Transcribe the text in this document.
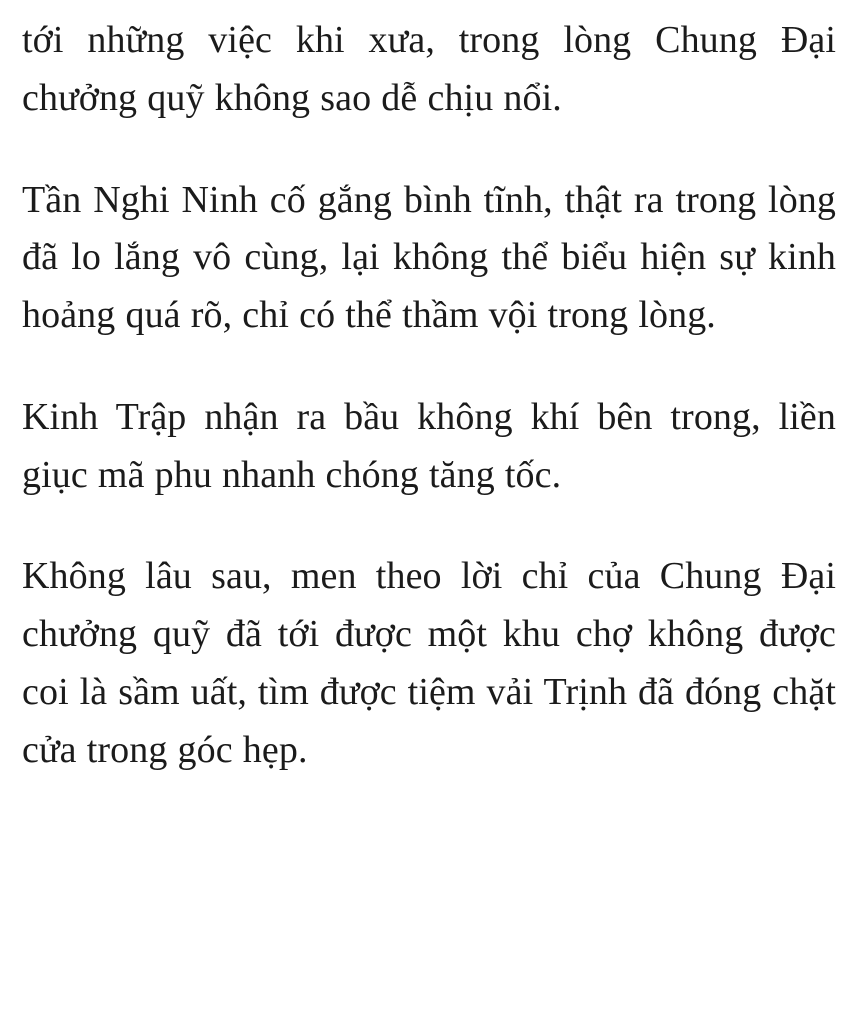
tới những việc khi xưa, trong lòng Chung Đại chưởng quỹ không sao dễ chịu nổi.

Tần Nghi Ninh cố gắng bình tĩnh, thật ra trong lòng đã lo lắng vô cùng, lại không thể biểu hiện sự kinh hoảng quá rõ, chỉ có thể thầm vội trong lòng.

Kinh Trập nhận ra bầu không khí bên trong, liền giục mã phu nhanh chóng tăng tốc.

Không lâu sau, men theo lời chỉ của Chung Đại chưởng quỹ đã tới được một khu chợ không được coi là sầm uất, tìm được tiệm vải Trịnh đã đóng chặt cửa trong góc hẹp.
